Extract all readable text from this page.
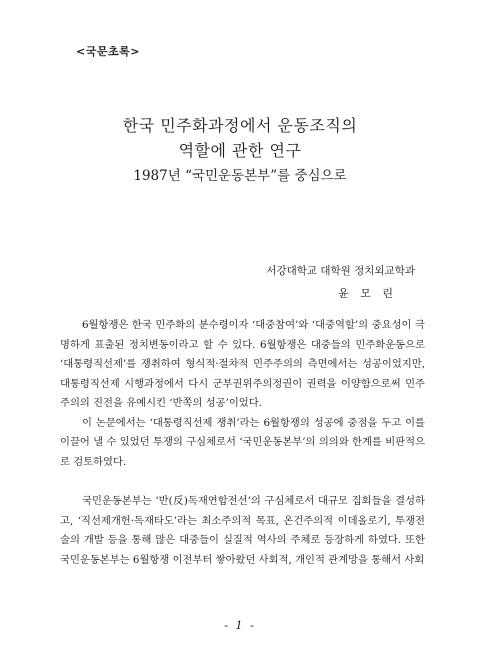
<국문초록>
한국 민주화과정에서 운동조직의
역할에 관한 연구
1987년 “국민운동본부”를 중심으로
서강대학교 대학원 정치외교학과
윤 모 린

6월항쟁은 한국 민주화의 분수령이자 ‘대중참여’와 ‘대중역할’의 중요성이 극명하게 표출된 정치변동이라고 할 수 있다. 6월항쟁은 대중들의 민주화운동으로 ‘대통령직선제’를 쟁취하여 형식적·절차적 민주주의의 측면에서는 성공이었지만, 대통령직선제 시행과정에서 다시 군부권위주의정권이 권력을 이양함으로써 민주주의의 진전을 유예시킨 ‘반쪽의 성공’이었다.

이 논문에서는 ‘대통령직선제 쟁취’라는 6월항쟁의 성공에 중점을 두고 이를 이끌어 낼 수 있었던 투쟁의 구심체로서 ‘국민운동본부’의 의의와 한계를 비판적으로 검토하였다.

국민운동본부는 ‘반(反)독재연합전선’의 구심체로서 대규모 집회들을 결성하고, ‘직선제개헌·독재타도’라는 최소주의적 목표, 온건주의적 이데올로기, 투쟁전술의 개발 등을 통해 많은 대중들이 실질적 역사의 주체로 등장하게 하였다. 또한 국민운동본부는 6월항쟁 이전부터 쌓아왔던 사회적, 개인적 관계망을 통해서 사회

- 1 -
